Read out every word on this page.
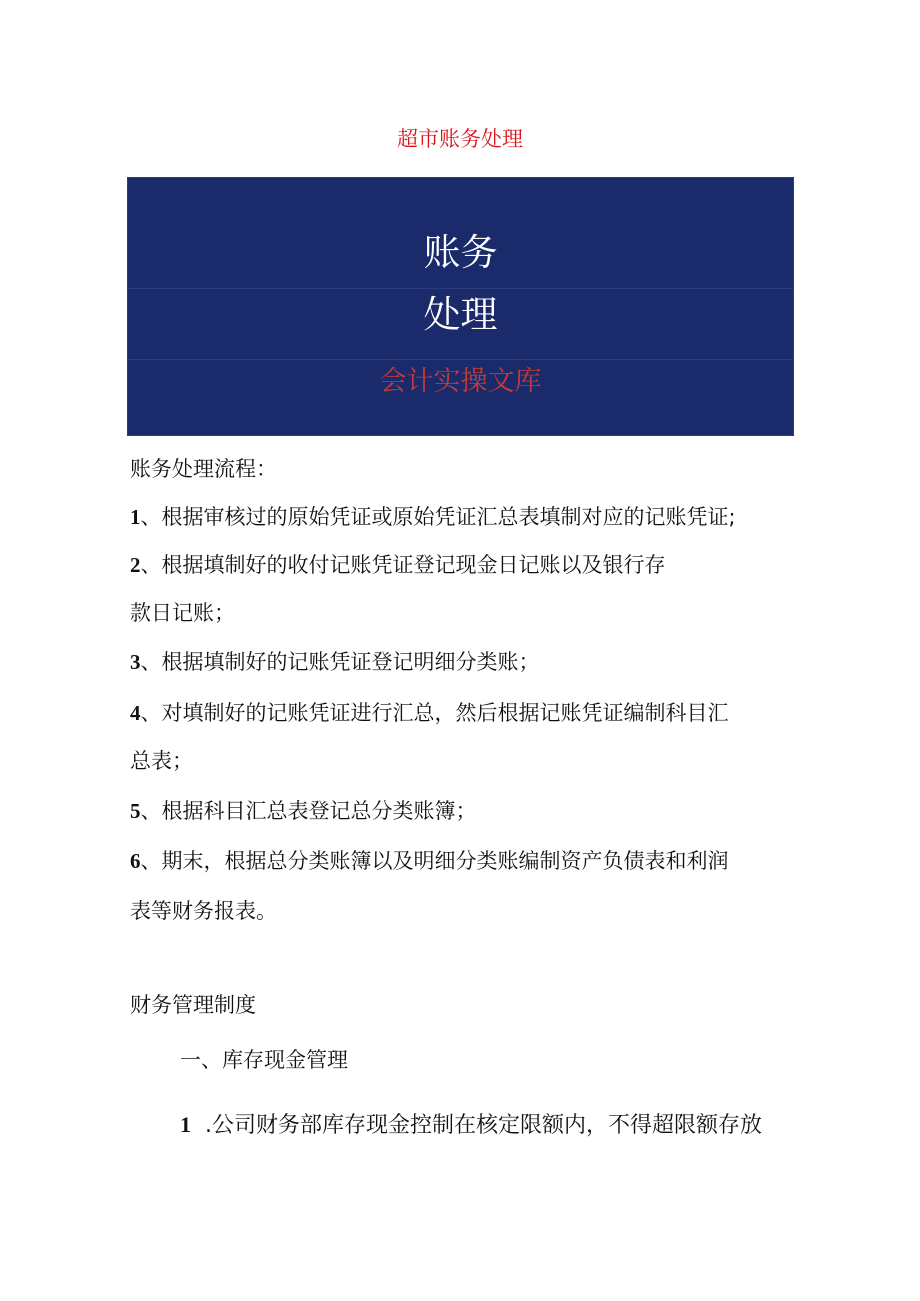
超市账务处理
账务
处理
会计实操文库
账务处理流程：
1、根据审核过的原始凭证或原始凭证汇总表填制对应的记账凭证;
2、根据填制好的收付记账凭证登记现金日记账以及银行存
款日记账；
3、根据填制好的记账凭证登记明细分类账；
4、对填制好的记账凭证进行汇总，然后根据记账凭证编制科目汇
总表；
5、根据科目汇总表登记总分类账簿；
6、期末，根据总分类账簿以及明细分类账编制资产负债表和利润
表等财务报表。
财务管理制度
一、库存现金管理
1 .公司财务部库存现金控制在核定限额内，不得超限额存放
